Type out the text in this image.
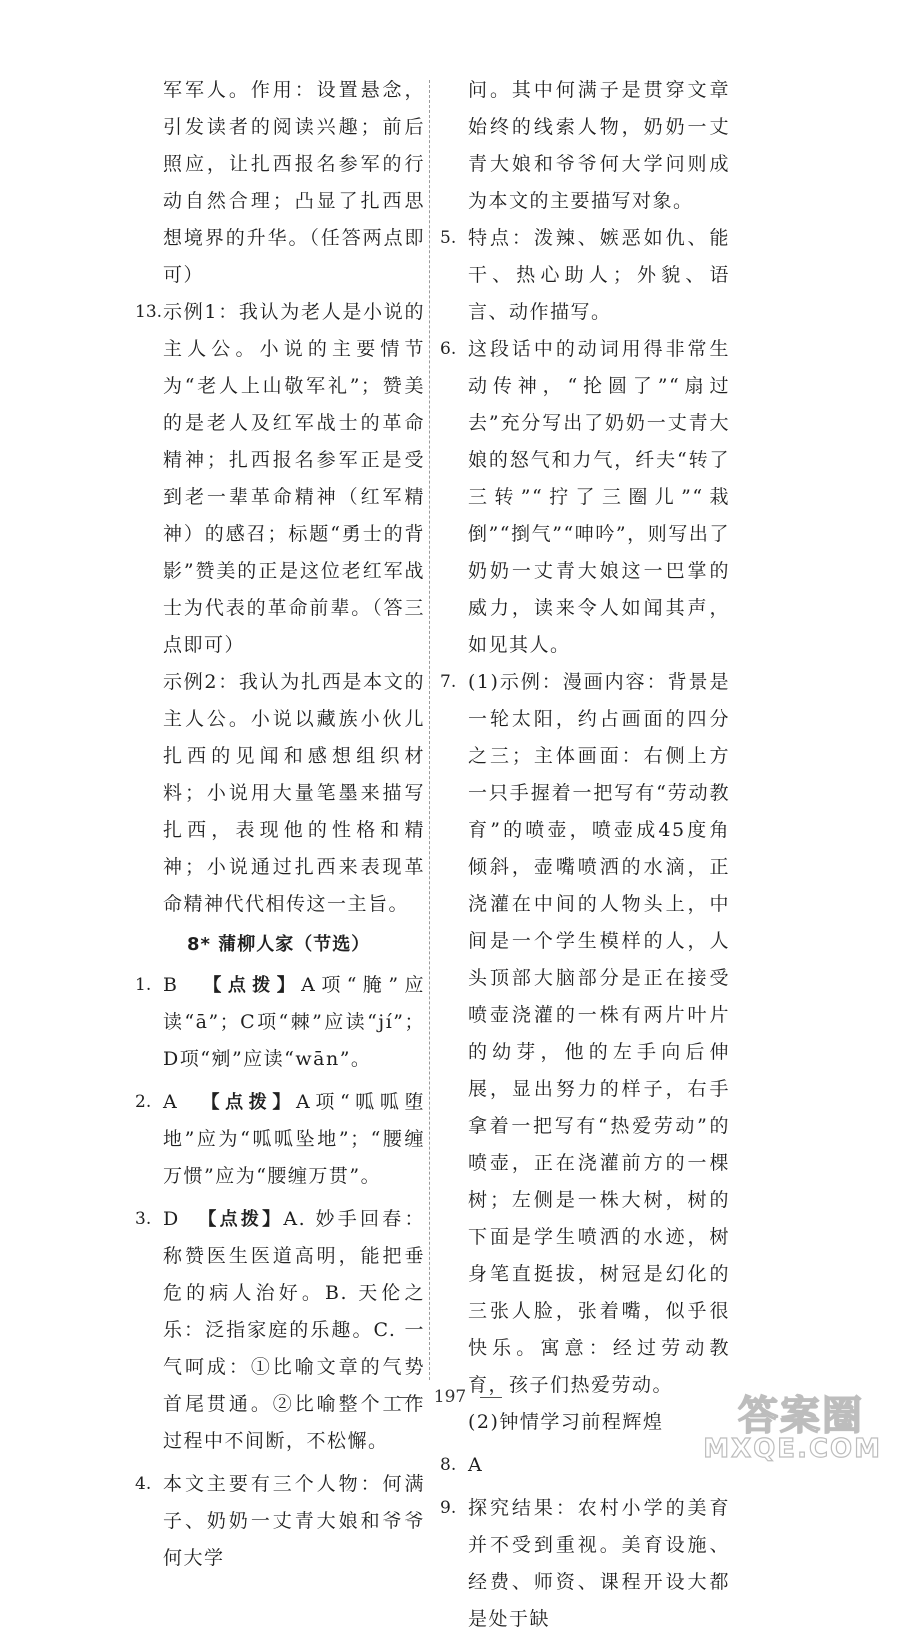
军军人。作用：设置悬念，引发读者的阅读兴趣；前后照应，让扎西报名参军的行动自然合理；凸显了扎西思想境界的升华。（任答两点即可）
13. 示例1：我认为老人是小说的主人公。小说的主要情节为“老人上山敬军礼”；赞美的是老人及红军战士的革命精神；扎西报名参军正是受到老一辈革命精神（红军精神）的感召；标题“勇士的背影”赞美的正是这位老红军战士为代表的革命前辈。（答三点即可）
示例2：我认为扎西是本文的主人公。小说以藏族小伙儿扎西的见闻和感想组织材料；小说用大量笔墨来描写扎西，表现他的性格和精神；小说通过扎西来表现革命精神代代相传这一主旨。
8* 蒲柳人家（节选）
1. B 【点拨】A项“腌”应读“ā”；C项“棘”应读“jí”；D项“剜”应读“wān”。
2. A 【点拨】A项“呱呱堕地”应为“呱呱坠地”；“腰缠万惯”应为“腰缠万贯”。
3. D 【点拨】A. 妙手回春：称赞医生医道高明，能把垂危的病人治好。B. 天伦之乐：泛指家庭的乐趣。C. 一气呵成：①比喻文章的气势首尾贯通。②比喻整个工作过程中不间断，不松懈。
4. 本文主要有三个人物：何满子、奶奶一丈青大娘和爷爷何大学
问。其中何满子是贯穿文章始终的线索人物，奶奶一丈青大娘和爷爷何大学问则成为本文的主要描写对象。
5. 特点：泼辣、嫉恶如仇、能干、热心助人；外貌、语言、动作描写。
6. 这段话中的动词用得非常生动传神，“抡圆了”“扇过去”充分写出了奶奶一丈青大娘的怒气和力气，纤夫“转了三转”“拧了三圈儿”“栽倒”“捯气”“呻吟”，则写出了奶奶一丈青大娘这一巴掌的威力，读来令人如闻其声，如见其人。
7. (1)示例：漫画内容：背景是一轮太阳，约占画面的四分之三；主体画面：右侧上方一只手握着一把写有“劳动教育”的喷壶，喷壶成45度角倾斜，壶嘴喷洒的水滴，正浇灌在中间的人物头上，中间是一个学生模样的人，人头顶部大脑部分是正在接受喷壶浇灌的一株有两片叶片的幼芽，他的左手向后伸展，显出努力的样子，右手拿着一把写有“热爱劳动”的喷壶，正在浇灌前方的一棵树；左侧是一株大树，树的下面是学生喷洒的水迹，树身笔直挺拔，树冠是幻化的三张人脸，张着嘴，似乎很快乐。寓意：经过劳动教育，孩子们热爱劳动。
(2)钟情学习前程辉煌
8. A
9. 探究结果：农村小学的美育并不受到重视。美育设施、经费、师资、课程开设大都是处于缺
197	答案圈
MXQE.COM
